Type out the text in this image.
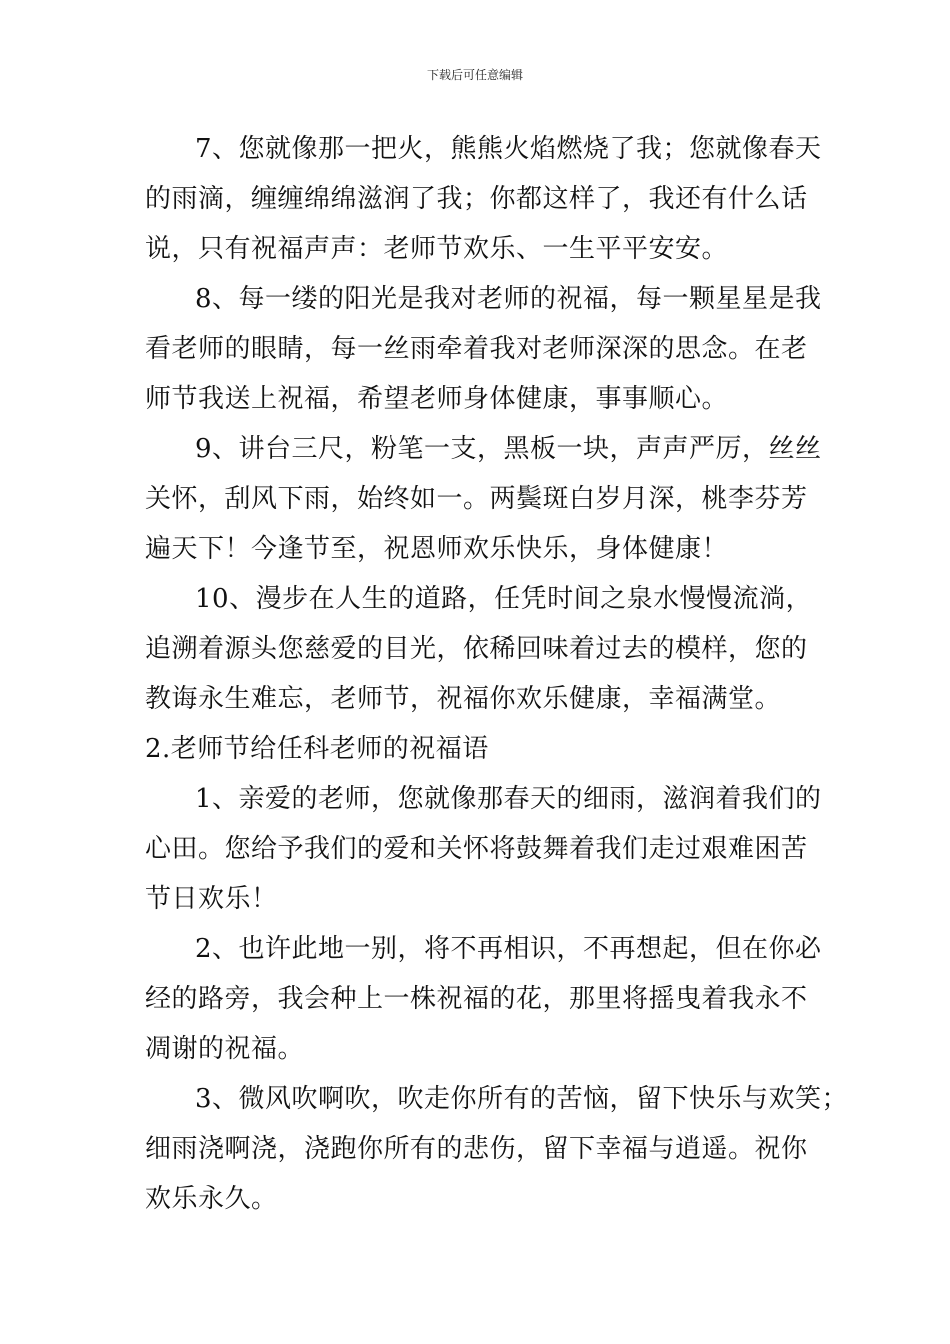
下载后可任意编辑
7、您就像那一把火，熊熊火焰燃烧了我；您就像春天
的雨滴，缠缠绵绵滋润了我；你都这样了，我还有什么话
说，只有祝福声声：老师节欢乐、一生平平安安。
8、每一缕的阳光是我对老师的祝福，每一颗星星是我
看老师的眼睛，每一丝雨牵着我对老师深深的思念。在老
师节我送上祝福，希望老师身体健康，事事顺心。
9、讲台三尺，粉笔一支，黑板一块，声声严厉，丝丝
关怀，刮风下雨，始终如一。两鬓斑白岁月深，桃李芬芳
遍天下！今逢节至，祝恩师欢乐快乐，身体健康！
10、漫步在人生的道路，任凭时间之泉水慢慢流淌，
追溯着源头您慈爱的目光，依稀回味着过去的模样，您的
教诲永生难忘，老师节，祝福你欢乐健康，幸福满堂。
2.老师节给任科老师的祝福语
1、亲爱的老师，您就像那春天的细雨，滋润着我们的
心田。您给予我们的爱和关怀将鼓舞着我们走过艰难困苦
节日欢乐！
2、也许此地一别，将不再相识，不再想起，但在你必
经的路旁，我会种上一株祝福的花，那里将摇曳着我永不
凋谢的祝福。
3、微风吹啊吹，吹走你所有的苦恼，留下快乐与欢笑；
细雨浇啊浇，浇跑你所有的悲伤，留下幸福与逍遥。祝你
欢乐永久。
